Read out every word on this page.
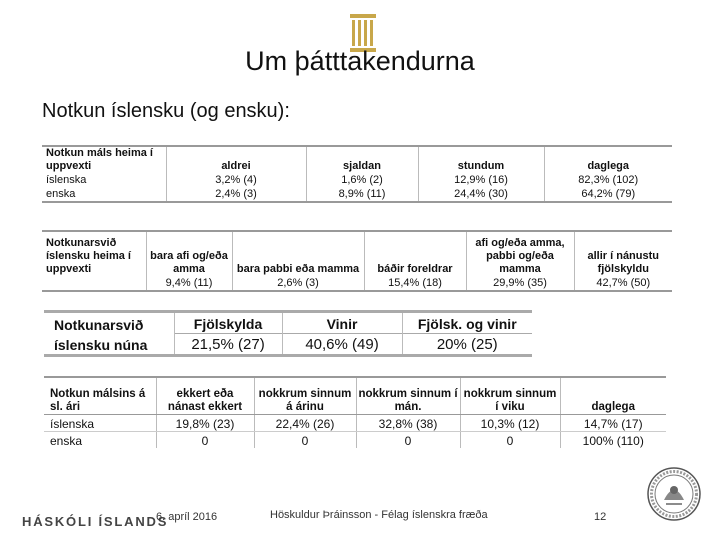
Um þátttakendurna
Notkun íslensku (og ensku):
Notkun máls heima í uppvexti	aldrei	sjaldan	stundum	daglega
íslenska	3,2% (4)	1,6% (2)	12,9% (16)	82,3% (102)
enska	2,4% (3)	8,9% (11)	24,4% (30)	64,2% (79)
Notkunarsvið íslensku heima í uppvexti	bara afi og/eða amma	bara pabbi eða mamma	báðir foreldrar	afi og/eða amma, pabbi og/eða mamma	allir í nánustu fjölskyldu
	9,4% (11)	2,6% (3)	15,4% (18)	29,9% (35)	42,7% (50)
Notkunarsvið	Fjölskylda	Vinir	Fjölsk. og vinir
íslensku núna	21,5% (27)	40,6% (49)	20% (25)
Notkun málsins á sl. ári	ekkert eða nánast ekkert	nokkrum sinnum á árinu	nokkrum sinnum í mán.	nokkrum sinnum í viku	daglega
íslenska	19,8% (23)	22,4% (26)	32,8% (38)	10,3% (12)	14,7% (17)
enska	0	0	0	0	100% (110)
HÁSKÓLI ÍSLANDS
6. apríl 2016	Höskuldur Þráinsson - Félag íslenskra fræða	12
